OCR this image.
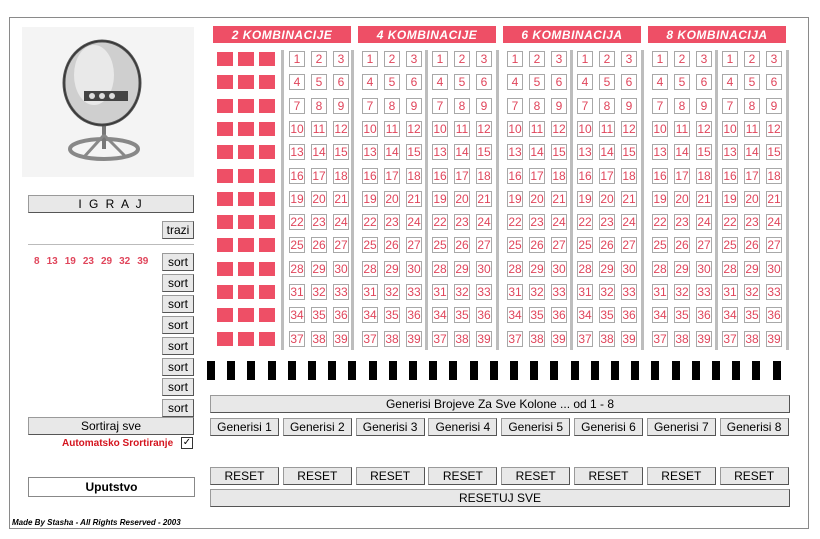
I G R A J
trazi
8 13 19 23 29 32 39	sort
sort
sort
sort
sort
sort
sort
sort
Sortiraj sve
Automatsko Srortiranje ✓
Uputstvo
2 KOMBINACIJE
1	2	3
4	5	6
7	8	9
10 11 12
13 14 15
16 17 18
19 20 21
22 23 24
25 26 27
28 29 30
31 32 33
34 35 36
37 38 39
4 KOMBINACIJE
1	2	3
4	5	6
7	8	9
10 11 12
13 14 15
16 17 18
19 20 21
22 23 24
25 26 27
28 29 30
31 32 33
34 35 36
37 38 39
1	2	3
4	5	6
7	8	9
10 11 12
13 14 15
16 17 18
19 20 21
22 23 24
25 26 27
28 29 30
31 32 33
34 35 36
37 38 39
6 KOMBINACIJA
1	2	3
4	5	6
7	8	9
10 11 12
13 14 15
16 17 18
19 20 21
22 23 24
25 26 27
28 29 30
31 32 33
34 35 36
37 38 39
1	2	3
4	5	6
7	8	9
10 11 12
13 14 15
16 17 18
19 20 21
22 23 24
25 26 27
28 29 30
31 32 33
34 35 36
37 38 39
8 KOMBINACIJA
1	2	3
4	5	6
7	8	9
10 11 12
13 14 15
16 17 18
19 20 21
22 23 24
25 26 27
28 29 30
31 32 33
34 35 36
37 38 39
1	2	3
4	5	6
7	8	9
10 11 12
13 14 15
16 17 18
19 20 21
22 23 24
25 26 27
28 29 30
31 32 33
34 35 36
37 38 39
Generisi Brojeve Za Sve Kolone ... od 1 - 8
Generisi 1	Generisi 2	Generisi 3	Generisi 4	Generisi 5	Generisi 6	Generisi 7	Generisi 8
RESET	RESET	RESET	RESET	RESET	RESET	RESET	RESET
RESETUJ SVE
Made By Stasha - All Rights Reserved - 2003
